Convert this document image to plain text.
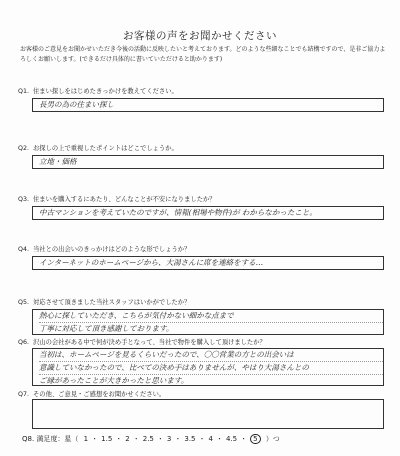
お客様の声をお聞かせください
お客様のご意見をお聞かせいただき今後の活動に反映したいと考えております。どのような些細なことでも結構ですので、是非ご協力よろしくお願いします。(できるだけ具体的に書いていただけると助かります)
Q1. 住まい探しをはじめたきっかけを教えてください。
長男の為の住まい探し
Q2. お探しの上で重視したポイントはどこでしょうか。
立地・価格
Q3. 住まいを購入するにあたり、どんなことが不安になりましたか？
中古マンションを考えていたのですが、情報(相場や物件)が わからなかったこと。
Q4. 当社との出会いのきっかけはどのような形でしょうか？
インターネットのホームページから、大湯さんに席を連絡をする…
Q5. 対応させて頂きました当社スタッフはいかがでしたか？
熱心に探していただき、こちらが気付かない細かな点まで
丁寧に対応して頂き感謝しております。
Q6. 沢山の会社がある中で何が決め手となって、当社で物件を購入して頂けましたか？
当初は、ホームページを見るくらいだったので、〇〇営業の方との出会いは
意識していなかったので、比べての決め手はありませんが、やはり大湯さんとの
ご縁があったことが大きかったと思います。
Q7. その他、ご意見・ご感想をお聞かせください。
Q8. 満足度：星（ 1 ・ 1.5 ・ 2 ・ 2.5 ・ 3 ・ 3.5 ・ 4 ・ 4.5 ・ 5 ）つ
